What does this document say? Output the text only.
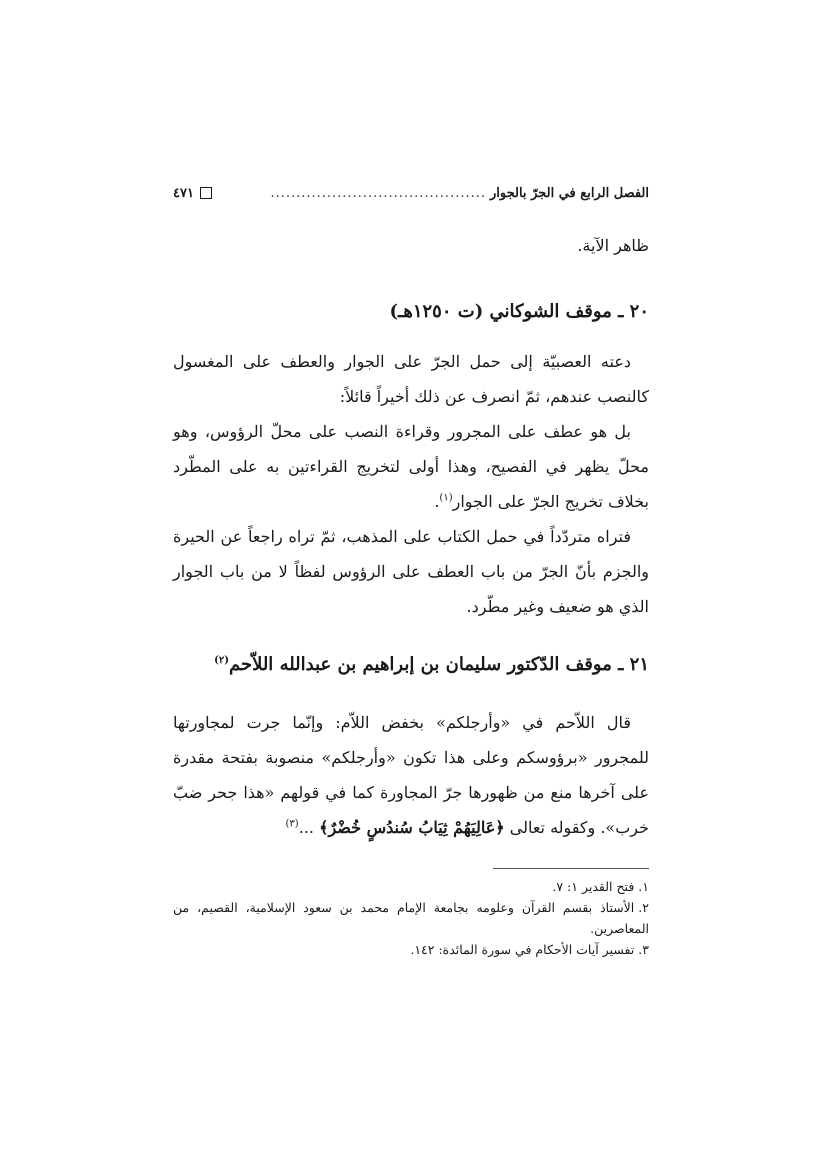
الفصل الرابع في الجرّ بالجوار
..........................................
٤٧١

ظاهر الآية.

٢٠ ـ موقف الشوكاني (ت ١٢٥٠هـ)

دعته العصبيّة إلى حمل الجرّ على الجوار والعطف على المغسول كالنصب عندهم، ثمّ انصرف عن ذلك أخيراً قائلاً:

بل هو عطف على المجرور وقراءة النصب على محلّ الرؤوس، وهو محلّ يظهر في الفصيح، وهذا أولى لتخريج القراءتين به على المطّرد بخلاف تخريج الجرّ على الجوار$^{(١)}$.

فتراه متردّداً في حمل الكتاب على المذهب، ثمّ تراه راجعاً عن الحيرة والجزم بأنّ الجرّ من باب العطف على الرؤوس لفظاً لا من باب الجوار الذي هو ضعيف وغير مطّرد.

٢١ ـ موقف الدّكتور سليمان بن إبراهيم بن عبدالله اللاّحم$^{(٢)}$

قال اللاّحم في «وأرجلكم» بخفض اللاّم: وإنّما جرت لمجاورتها للمجرور «برؤوسكم وعلى هذا تكون «وأرجلكم» منصوبة بفتحة مقدرة على آخرها منع من ظهورها جرّ المجاورة كما في قولهم «هذا جحر ضبّ خرب». وكقوله تعالى ﴿عَالِيَهُمْ ثِيَابُ سُندُسٍ خُضْرٌ﴾ ...$^{(٣)}$

١.فتح القدير ١: ٧.

٢.الأستاذ بقسم القرآن وعلومه بجامعة الإمام محمد بن سعود الإسلامية، القصيم، من المعاصرين.

٣.تفسير آيات الأحكام في سورة المائدة: ١٤٢.
